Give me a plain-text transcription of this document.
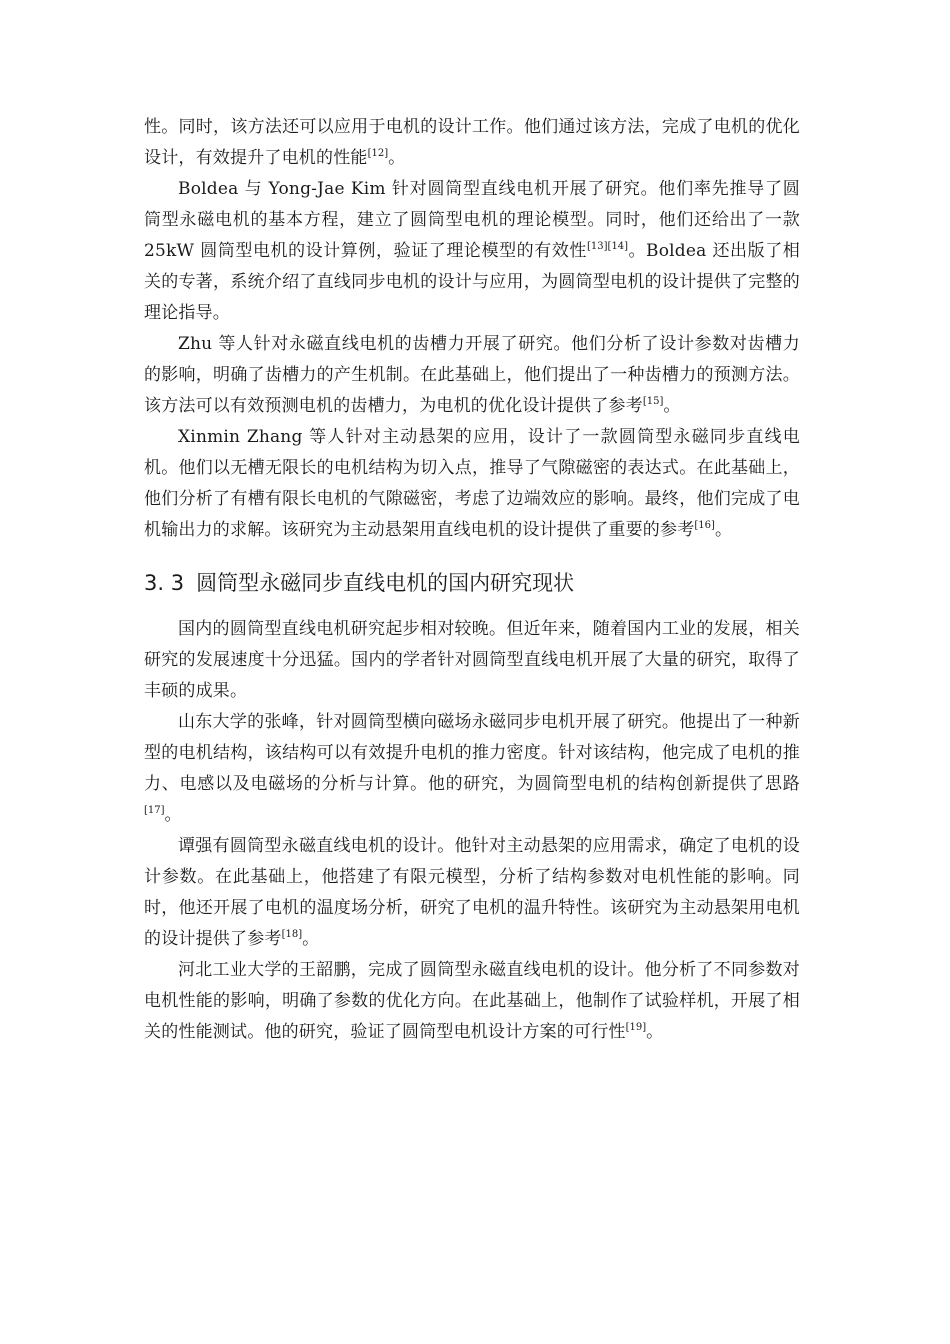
性。同时，该方法还可以应用于电机的设计工作。他们通过该方法，完成了电机的优化设计，有效提升了电机的性能[12]。

Boldea 与 Yong-Jae Kim 针对圆筒型直线电机开展了研究。他们率先推导了圆筒型永磁电机的基本方程，建立了圆筒型电机的理论模型。同时，他们还给出了一款 25kW 圆筒型电机的设计算例，验证了理论模型的有效性[13][14]。Boldea 还出版了相关的专著，系统介绍了直线同步电机的设计与应用，为圆筒型电机的设计提供了完整的理论指导。

Zhu 等人针对永磁直线电机的齿槽力开展了研究。他们分析了设计参数对齿槽力的影响，明确了齿槽力的产生机制。在此基础上，他们提出了一种齿槽力的预测方法。该方法可以有效预测电机的齿槽力，为电机的优化设计提供了参考[15]。

Xinmin Zhang 等人针对主动悬架的应用，设计了一款圆筒型永磁同步直线电机。他们以无槽无限长的电机结构为切入点，推导了气隙磁密的表达式。在此基础上，他们分析了有槽有限长电机的气隙磁密，考虑了边端效应的影响。最终，他们完成了电机输出力的求解。该研究为主动悬架用直线电机的设计提供了重要的参考[16]。

3. 3 圆筒型永磁同步直线电机的国内研究现状

国内的圆筒型直线电机研究起步相对较晚。但近年来，随着国内工业的发展，相关研究的发展速度十分迅猛。国内的学者针对圆筒型直线电机开展了大量的研究，取得了丰硕的成果。

山东大学的张峰，针对圆筒型横向磁场永磁同步电机开展了研究。他提出了一种新型的电机结构，该结构可以有效提升电机的推力密度。针对该结构，他完成了电机的推力、电感以及电磁场的分析与计算。他的研究，为圆筒型电机的结构创新提供了思路[17]。

谭强有圆筒型永磁直线电机的设计。他针对主动悬架的应用需求，确定了电机的设计参数。在此基础上，他搭建了有限元模型，分析了结构参数对电机性能的影响。同时，他还开展了电机的温度场分析，研究了电机的温升特性。该研究为主动悬架用电机的设计提供了参考[18]。

河北工业大学的王韶鹏，完成了圆筒型永磁直线电机的设计。他分析了不同参数对电机性能的影响，明确了参数的优化方向。在此基础上，他制作了试验样机，开展了相关的性能测试。他的研究，验证了圆筒型电机设计方案的可行性[19]。
